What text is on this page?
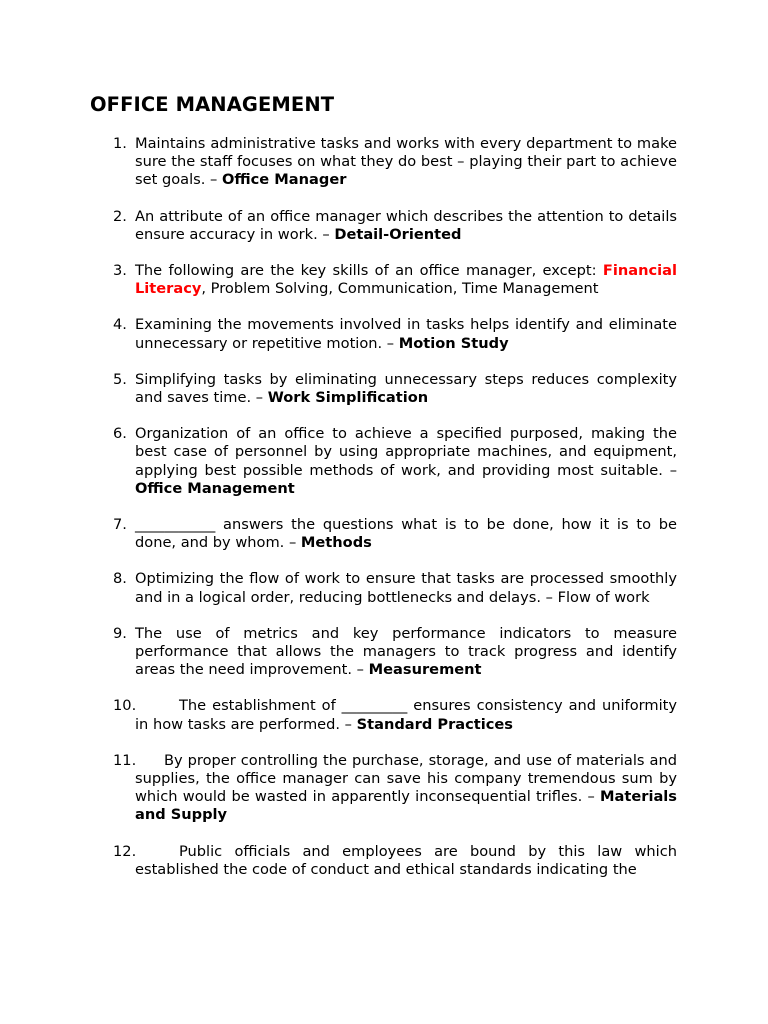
OFFICE MANAGEMENT
1. Maintains administrative tasks and works with every department to make sure the staff focuses on what they do best – playing their part to achieve set goals. – Office Manager

2. An attribute of an office manager which describes the attention to details ensure accuracy in work. – Detail-Oriented

3. The following are the key skills of an office manager, except: Financial Literacy, Problem Solving, Communication, Time Management

4. Examining the movements involved in tasks helps identify and eliminate unnecessary or repetitive motion. – Motion Study

5. Simplifying tasks by eliminating unnecessary steps reduces complexity and saves time. – Work Simplification

6. Organization of an office to achieve a specified purposed, making the best case of personnel by using appropriate machines, and equipment, applying best possible methods of work, and providing most suitable. – Office Management

7. ___________ answers the questions what is to be done, how it is to be done, and by whom. – Methods

8. Optimizing the flow of work to ensure that tasks are processed smoothly and in a logical order, reducing bottlenecks and delays. – Flow of work

9. The use of metrics and key performance indicators to measure performance that allows the managers to track progress and identify areas the need improvement. – Measurement

10.	The establishment of _________ ensures consistency and uniformity in how tasks are performed. – Standard Practices

11.	By proper controlling the purchase, storage, and use of materials and supplies, the office manager can save his company tremendous sum by which would be wasted in apparently inconsequential trifles. – Materials and Supply

12.	Public officials and employees are bound by this law which established the code of conduct and ethical standards indicating the
